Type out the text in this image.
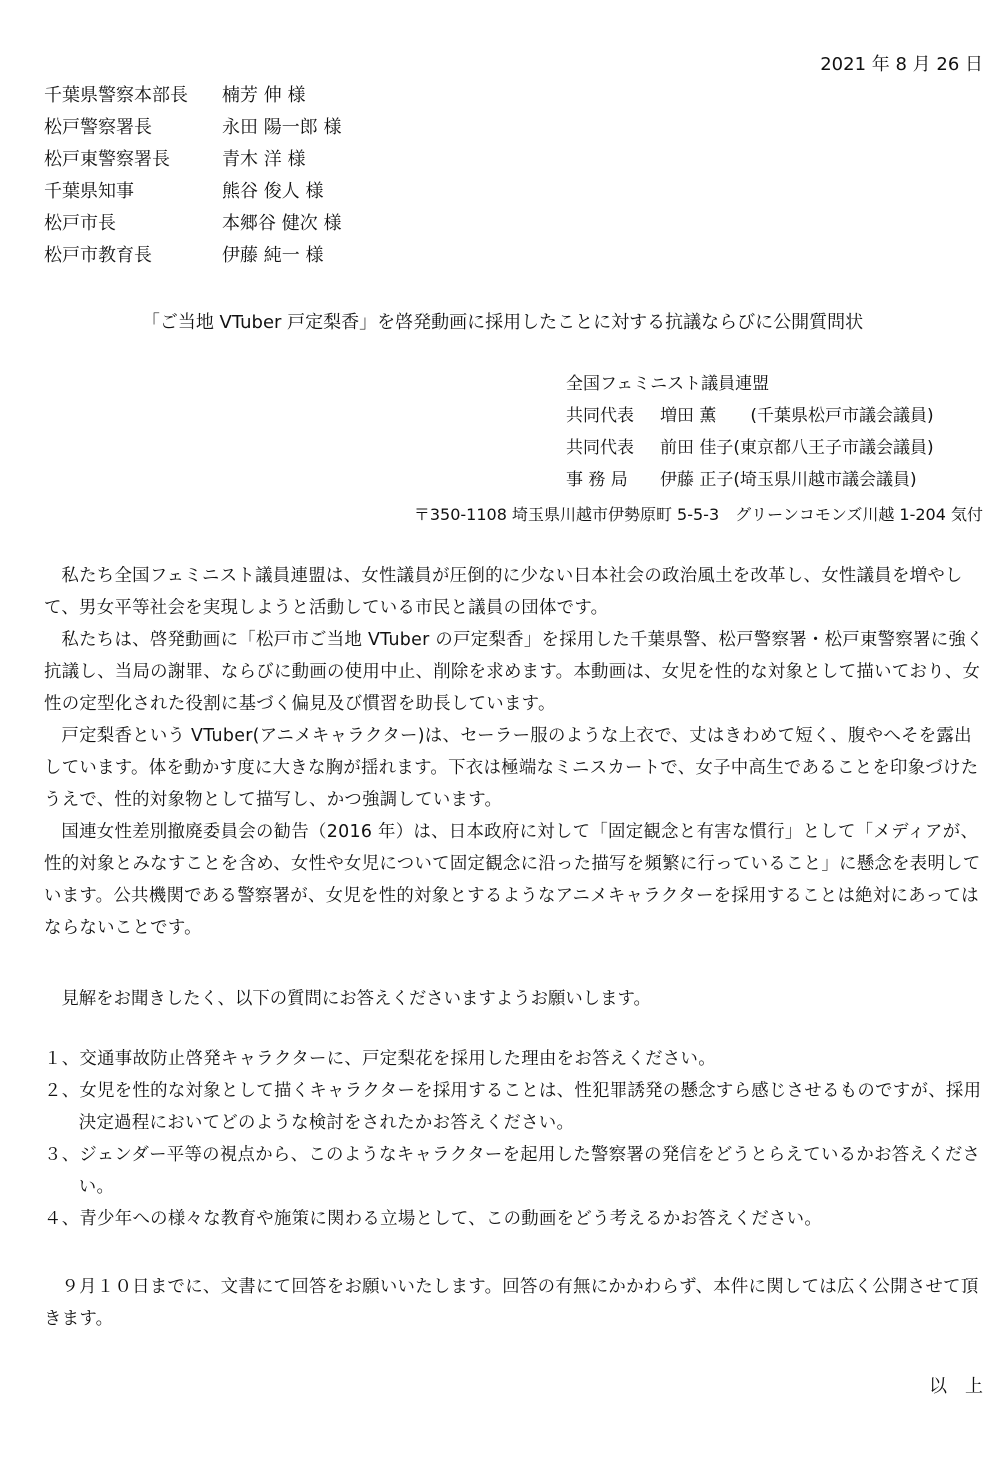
2021 年 8 月 26 日
千葉県警察本部長 楠芳 伸 様
松戸警察署長	永田 陽一郎 様
松戸東警察署長	青木 洋 様
千葉県知事	熊谷 俊人 様
松戸市長	本郷谷 健次 様
松戸市教育長	伊藤 純一 様
「ご当地 VTuber 戸定梨香」を啓発動画に採用したことに対する抗議ならびに公開質問状
全国フェミニスト議員連盟
共同代表 増田 薫　　(千葉県松戸市議会議員)
共同代表 前田 佳子(東京都八王子市議会議員)
事 務 局 伊藤 正子(埼玉県川越市議会議員)
〒350-1108 埼玉県川越市伊勢原町 5-5-3　グリーンコモンズ川越 1-204 気付

私たち全国フェミニスト議員連盟は、女性議員が圧倒的に少ない日本社会の政治風土を改革し、女性議員を増やして、男女平等社会を実現しようと活動している市民と議員の団体です。

私たちは、啓発動画に「松戸市ご当地 VTuber の戸定梨香」を採用した千葉県警、松戸警察署・松戸東警察署に強く抗議し、当局の謝罪、ならびに動画の使用中止、削除を求めます。本動画は、女児を性的な対象として描いており、女性の定型化された役割に基づく偏見及び慣習を助長しています。

戸定梨香という VTuber(アニメキャラクター)は、セーラー服のような上衣で、丈はきわめて短く、腹やへそを露出しています。体を動かす度に大きな胸が揺れます。下衣は極端なミニスカートで、女子中高生であることを印象づけたうえで、性的対象物として描写し、かつ強調しています。

国連女性差別撤廃委員会の勧告（2016 年）は、日本政府に対して「固定観念と有害な慣行」として「メディアが、性的対象とみなすことを含め、女性や女児について固定観念に沿った描写を頻繁に行っていること」に懸念を表明しています。公共機関である警察署が、女児を性的対象とするようなアニメキャラクターを採用することは絶対にあってはならないことです。

見解をお聞きしたく、以下の質問にお答えくださいますようお願いします。
１、交通事故防止啓発キャラクターに、戸定梨花を採用した理由をお答えください。
２、女児を性的な対象として描くキャラクターを採用することは、性犯罪誘発の懸念すら感じさせるものですが、採用決定過程においてどのような検討をされたかお答えください。
３、ジェンダー平等の視点から、このようなキャラクターを起用した警察署の発信をどうとらえているかお答えください。
４、青少年への様々な教育や施策に関わる立場として、この動画をどう考えるかお答えください。
９月１０日までに、文書にて回答をお願いいたします。回答の有無にかかわらず、本件に関しては広く公開させて頂きます。
以　上
